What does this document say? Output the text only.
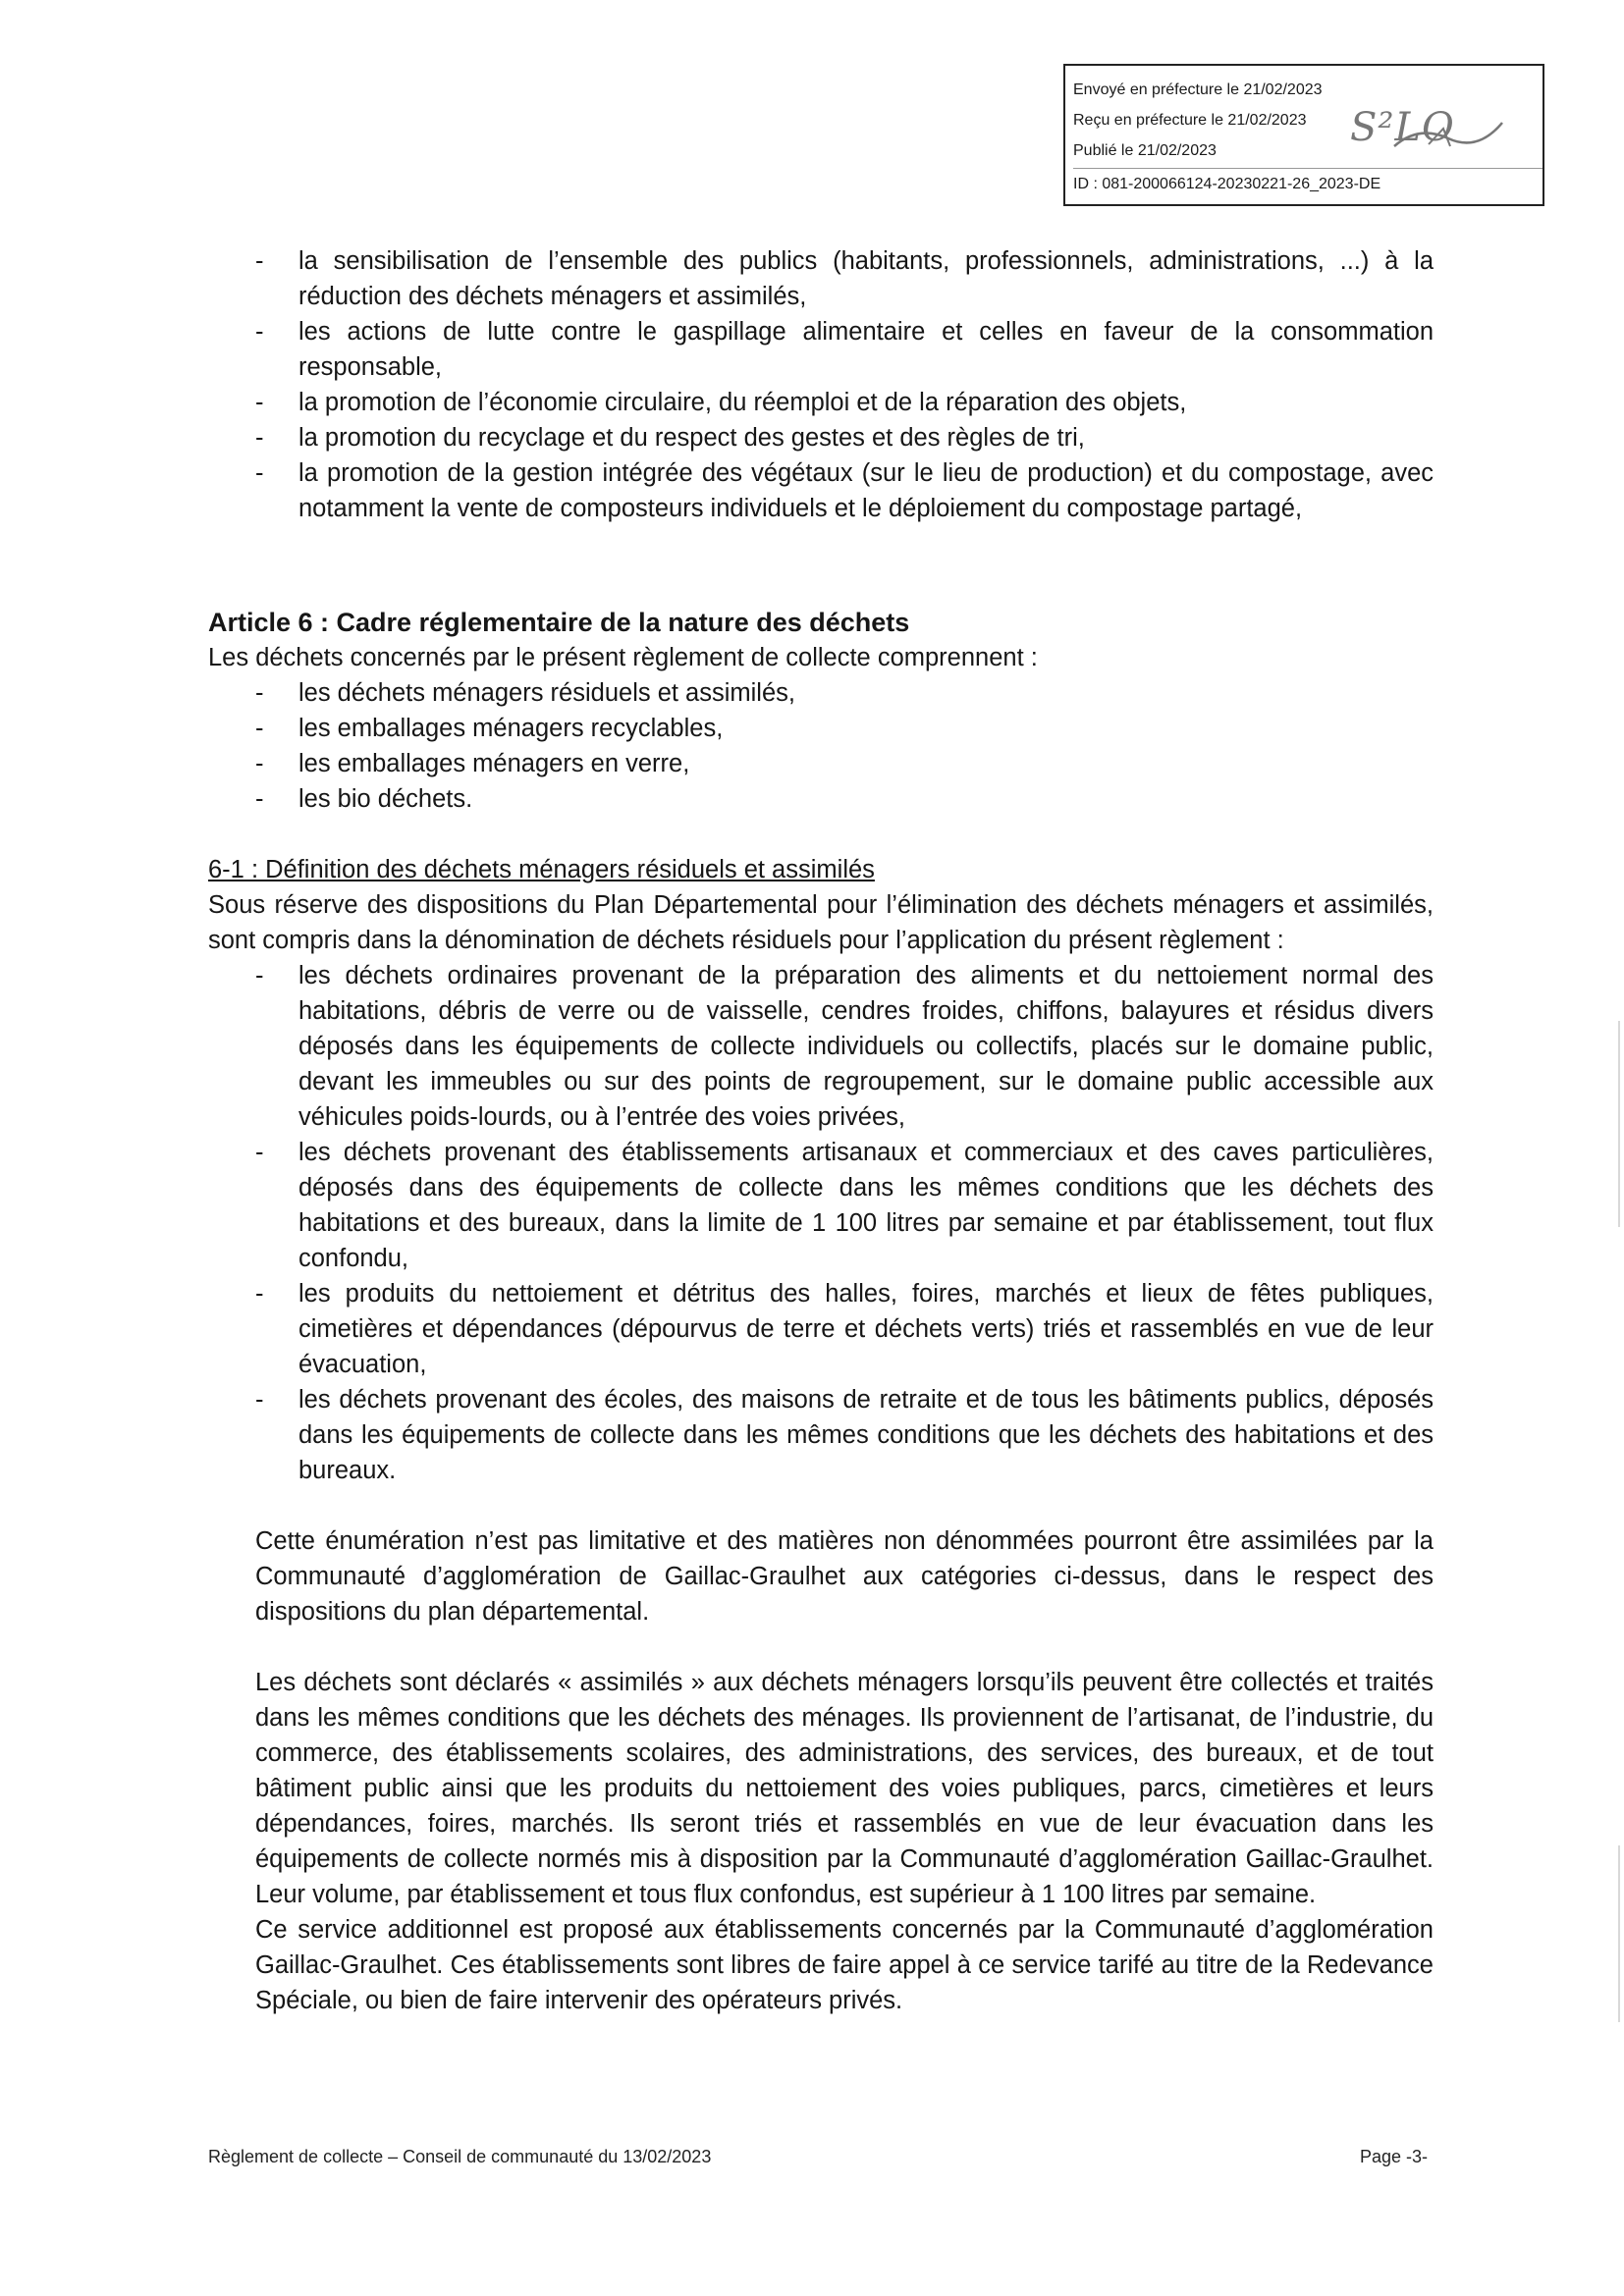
Envoyé en préfecture le 21/02/2023
Reçu en préfecture le 21/02/2023
Publié le 21/02/2023
ID : 081-200066124-20230221-26_2023-DE
S²LO
- la sensibilisation de l’ensemble des publics (habitants, professionnels, administrations, ...) à la réduction des déchets ménagers et assimilés,
- les actions de lutte contre le gaspillage alimentaire et celles en faveur de la consommation responsable,
- la promotion de l’économie circulaire, du réemploi et de la réparation des objets,
- la promotion du recyclage et du respect des gestes et des règles de tri,
- la promotion de la gestion intégrée des végétaux (sur le lieu de production) et du compostage, avec notamment la vente de composteurs individuels et le déploiement du compostage partagé,
Article 6 : Cadre réglementaire de la nature des déchets

Les déchets concernés par le présent règlement de collecte comprennent :

- les déchets ménagers résiduels et assimilés,
- les emballages ménagers recyclables,
- les emballages ménagers en verre,
- les bio déchets.

6-1 : Définition des déchets ménagers résiduels et assimilés

Sous réserve des dispositions du Plan Départemental pour l’élimination des déchets ménagers et assimilés, sont compris dans la dénomination de déchets résiduels pour l’application du présent règlement :

- les déchets ordinaires provenant de la préparation des aliments et du nettoiement normal des habitations, débris de verre ou de vaisselle, cendres froides, chiffons, balayures et résidus divers déposés dans les équipements de collecte individuels ou collectifs, placés sur le domaine public, devant les immeubles ou sur des points de regroupement, sur le domaine public accessible aux véhicules poids-lourds, ou à l’entrée des voies privées,
- les déchets provenant des établissements artisanaux et commerciaux et des caves particulières, déposés dans des équipements de collecte dans les mêmes conditions que les déchets des habitations et des bureaux, dans la limite de 1 100 litres par semaine et par établissement, tout flux confondu,
- les produits du nettoiement et détritus des halles, foires, marchés et lieux de fêtes publiques, cimetières et dépendances (dépourvus de terre et déchets verts) triés et rassemblés en vue de leur évacuation,
- les déchets provenant des écoles, des maisons de retraite et de tous les bâtiments publics, déposés dans les équipements de collecte dans les mêmes conditions que les déchets des habitations et des bureaux.

Cette énumération n’est pas limitative et des matières non dénommées pourront être assimilées par la Communauté d’agglomération de Gaillac-Graulhet aux catégories ci-dessus, dans le respect des dispositions du plan départemental.

Les déchets sont déclarés « assimilés » aux déchets ménagers lorsqu’ils peuvent être collectés et traités dans les mêmes conditions que les déchets des ménages. Ils proviennent de l’artisanat, de l’industrie, du commerce, des établissements scolaires, des administrations, des services, des bureaux, et de tout bâtiment public ainsi que les produits du nettoiement des voies publiques, parcs, cimetières et leurs dépendances, foires, marchés. Ils seront triés et rassemblés en vue de leur évacuation dans les équipements de collecte normés mis à disposition par la Communauté d’agglomération Gaillac-Graulhet. Leur volume, par établissement et tous flux confondus, est supérieur à 1 100 litres par semaine.

Ce service additionnel est proposé aux établissements concernés par la Communauté d’agglomération Gaillac-Graulhet. Ces établissements sont libres de faire appel à ce service tarifé au titre de la Redevance Spéciale, ou bien de faire intervenir des opérateurs privés.

Règlement de collecte – Conseil de communauté du 13/02/2023	Page -3-
